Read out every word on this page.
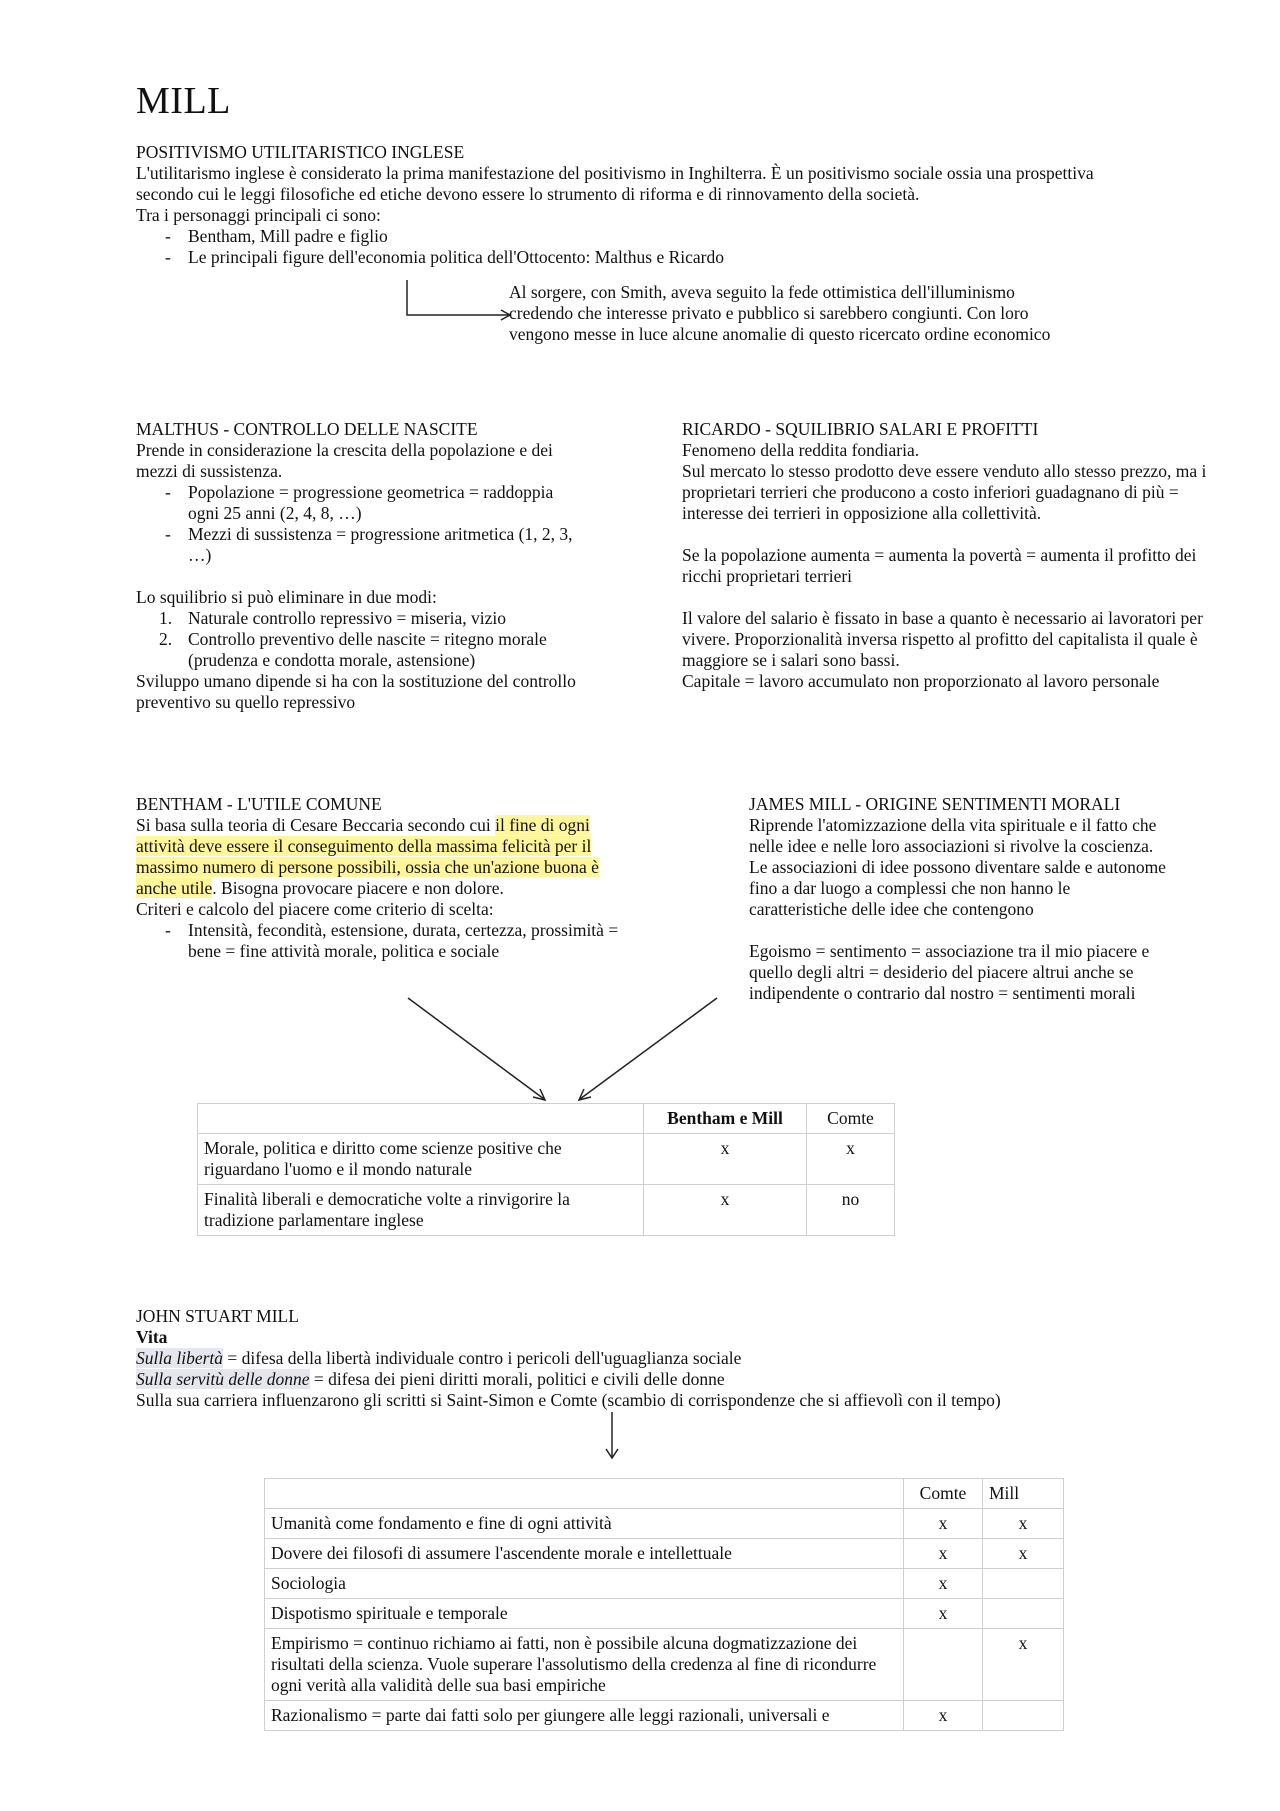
MILL

POSITIVISMO UTILITARISTICO INGLESE

L'utilitarismo inglese è considerato la prima manifestazione del positivismo in Inghilterra. È un positivismo sociale ossia una prospettiva secondo cui le leggi filosofiche ed etiche devono essere lo strumento di riforma e di rinnovamento della società.

Tra i personaggi principali ci sono:

- Bentham, Mill padre e figlio
- Le principali figure dell'economia politica dell'Ottocento: Malthus e Ricardo

Al sorgere, con Smith, aveva seguito la fede ottimistica dell'illuminismo credendo che interesse privato e pubblico si sarebbero congiunti. Con loro vengono messe in luce alcune anomalie di questo ricercato ordine economico

MALTHUS - CONTROLLO DELLE NASCITE

Prende in considerazione la crescita della popolazione e dei mezzi di sussistenza.

- Popolazione = progressione geometrica = raddoppia ogni 25 anni (2, 4, 8, …)
- Mezzi di sussistenza = progressione aritmetica (1, 2, 3, …)

Lo squilibrio si può eliminare in due modi:

Naturale controllo repressivo = miseria, vizio
Controllo preventivo delle nascite = ritegno morale (prudenza e condotta morale, astensione)

Sviluppo umano dipende si ha con la sostituzione del controllo preventivo su quello repressivo

RICARDO - SQUILIBRIO SALARI E PROFITTI

Fenomeno della reddita fondiaria.

Sul mercato lo stesso prodotto deve essere venduto allo stesso prezzo, ma i proprietari terrieri che producono a costo inferiori guadagnano di più = interesse dei terrieri in opposizione alla collettività.

Se la popolazione aumenta = aumenta la povertà = aumenta il profitto dei ricchi proprietari terrieri

Il valore del salario è fissato in base a quanto è necessario ai lavoratori per vivere. Proporzionalità inversa rispetto al profitto del capitalista il quale è maggiore se i salari sono bassi.

Capitale = lavoro accumulato non proporzionato al lavoro personale

BENTHAM - L'UTILE COMUNE

Si basa sulla teoria di Cesare Beccaria secondo cui il fine di ogni attività deve essere il conseguimento della massima felicità per il massimo numero di persone possibili, ossia che un'azione buona è anche utile. Bisogna provocare piacere e non dolore.

Criteri e calcolo del piacere come criterio di scelta:

- Intensità, fecondità, estensione, durata, certezza, prossimità = bene = fine attività morale, politica e sociale

JAMES MILL - ORIGINE SENTIMENTI MORALI

Riprende l'atomizzazione della vita spirituale e il fatto che nelle idee e nelle loro associazioni si rivolve la coscienza.

Le associazioni di idee possono diventare salde e autonome fino a dar luogo a complessi che non hanno le caratteristiche delle idee che contengono

Egoismo = sentimento = associazione tra il mio piacere e quello degli altri = desiderio del piacere altrui anche se indipendente o contrario dal nostro = sentimenti morali

	Bentham e Mill	Comte
Morale, politica e diritto come scienze positive che riguardano l'uomo e il mondo naturale	x	x
Finalità liberali e democratiche volte a rinvigorire la tradizione parlamentare inglese	x	no

JOHN STUART MILL

Vita

Sulla libertà = difesa della libertà individuale contro i pericoli dell'uguaglianza sociale

Sulla servitù delle donne = difesa dei pieni diritti morali, politici e civili delle donne

Sulla sua carriera influenzarono gli scritti si Saint-Simon e Comte (scambio di corrispondenze che si affievolì con il tempo)

	Comte	Mill
Umanità come fondamento e fine di ogni attività	x	x
Dovere dei filosofi di assumere l'ascendente morale e intellettuale	x	x
Sociologia	x	
Dispotismo spirituale e temporale	x	
Empirismo = continuo richiamo ai fatti, non è possibile alcuna dogmatizzazione dei risultati della scienza. Vuole superare l'assolutismo della credenza al fine di ricondurre ogni verità alla validità delle sua basi empiriche		x
Razionalismo = parte dai fatti solo per giungere alle leggi razionali, universali e	x	
